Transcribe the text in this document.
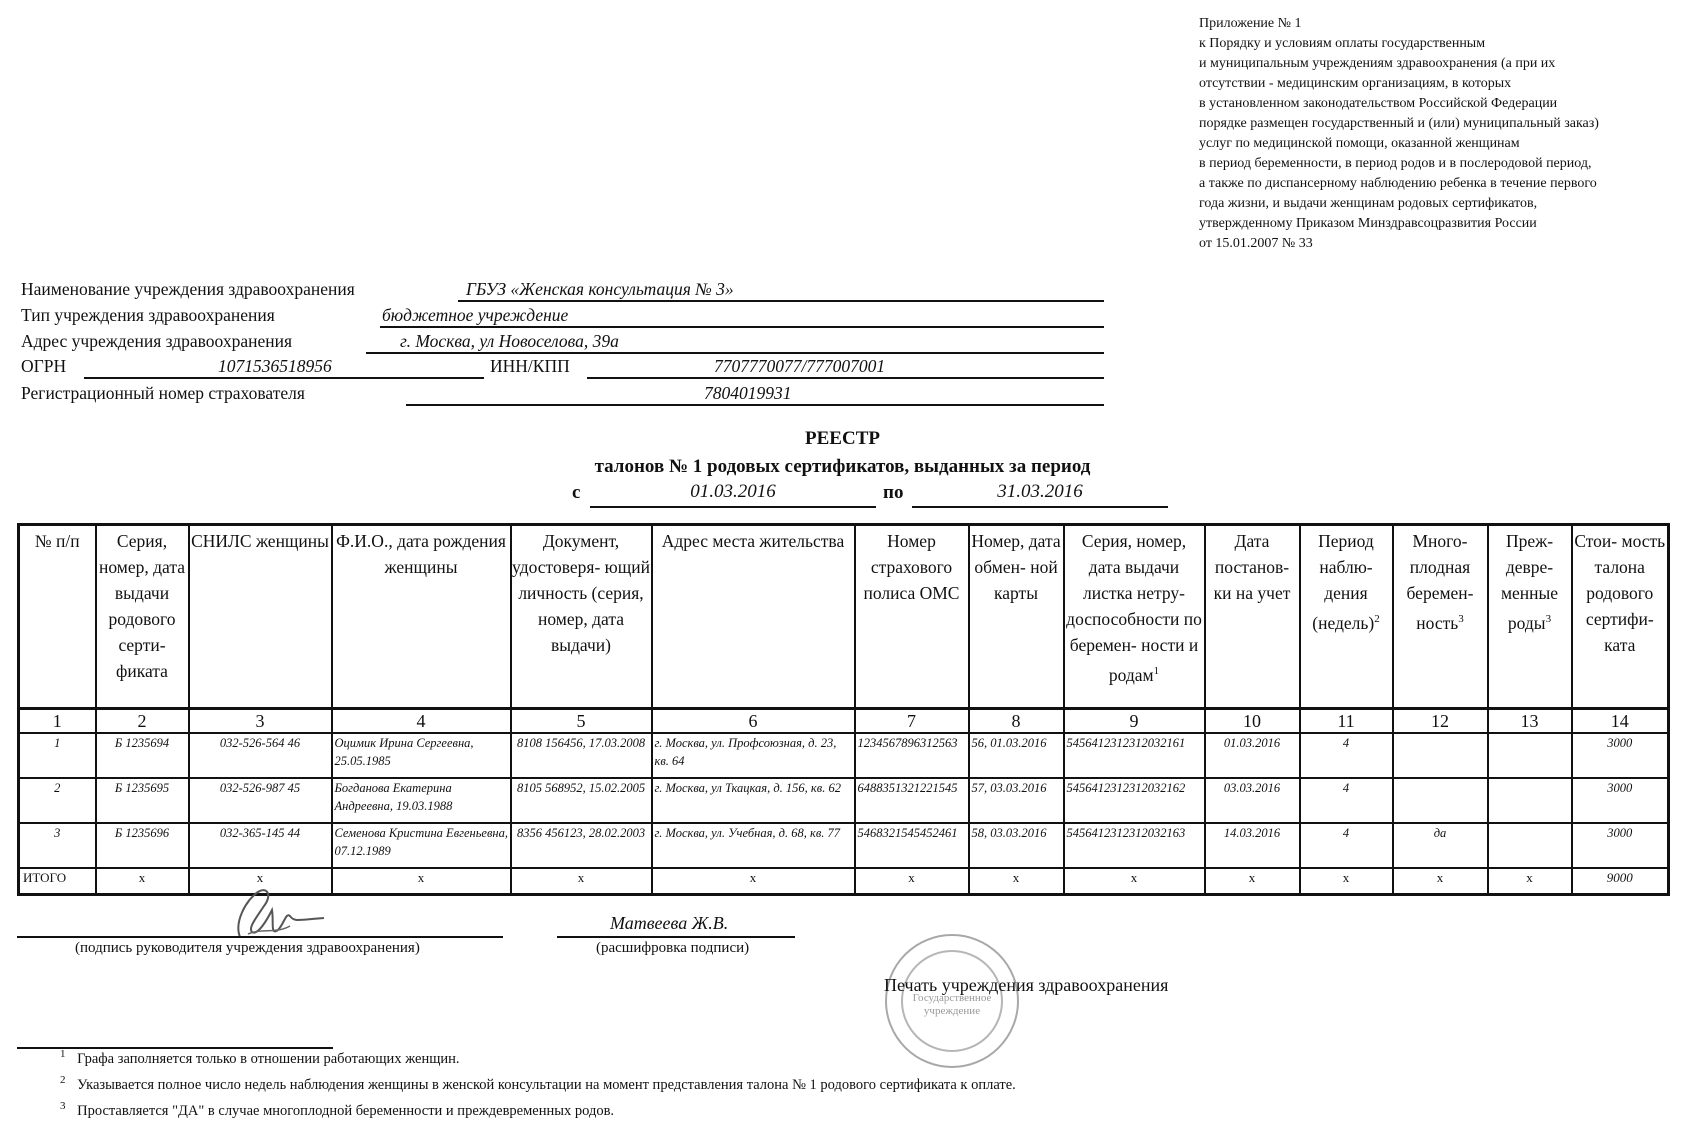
Приложение № 1
к Порядку и условиям оплаты государственным
и муниципальным учреждениям здравоохранения (а при их
отсутствии - медицинским организациям, в которых
в установленном законодательством Российской Федерации
порядке размещен государственный и (или) муниципальный заказ)
услуг по медицинской помощи, оказанной женщинам
в период беременности, в период родов и в послеродовой период,
а также по диспансерному наблюдению ребенка в течение первого
года жизни, и выдачи женщинам родовых сертификатов,
утвержденному Приказом Минздравсоцразвития России
от 15.01.2007 № 33
Наименование учреждения здравоохранения	ГБУЗ «Женская консультация № 3»
Тип учреждения здравоохранения	бюджетное учреждение
Адрес учреждения здравоохранения	г. Москва, ул Новоселова, 39а
ОГРН	1071536518956	ИНН/КПП	7707770077/777007001
Регистрационный номер страхователя	7804019931
РЕЕСТР
талонов № 1 родовых сертификатов, выданных за период
с	01.03.2016	по	31.03.2016
№ п/п	Серия, номер, дата выдачи родового серти- фиката	СНИЛС женщины	Ф.И.О., дата рождения женщины	Документ, удостоверя- ющий личность (серия, номер, дата выдачи)	Адрес места жительства	Номер страхового полиса ОМС	Номер, дата обмен- ной карты	Серия, номер, дата выдачи листка нетру- доспособности по беремен- ности и родам$^1$	Дата постанов- ки на учет	Период наблю- дения (недель)$^2$	Много- плодная беремен- ность$^3$	Преж- девре- менные роды$^3$	Стои- мость талона родового сертифи- ката
1	2	3	4	5	6	7	8	9	10	11	12	13	14
1	Б 1235694	032-526-564 46	Оцимик Ирина Сергеевна, 25.05.1985	8108 156456, 17.03.2008	г. Москва, ул. Профсоюзная, д. 23, кв. 64	1234567896312563	56, 01.03.2016	5456412312312032161	01.03.2016	4			3000
2	Б 1235695	032-526-987 45	Богданова Екатерина Андреевна, 19.03.1988	8105 568952, 15.02.2005	г. Москва, ул Ткацкая, д. 156, кв. 62	6488351321221545	57, 03.03.2016	5456412312312032162	03.03.2016	4			3000
3	Б 1235696	032-365-145 44	Семенова Кристина Евгеньевна, 07.12.1989	8356 456123, 28.02.2003	г. Москва, ул. Учебная, д. 68, кв. 77	5468321545452461	58, 03.03.2016	5456412312312032163	14.03.2016	4	да		3000
ИТОГО	х	х	х	х	х	х	х	х	х	х	х	х	9000
(подпись руководителя учреждения здравоохранения)
Матвеева Ж.В.
(расшифровка подписи)
Государственное учреждение
Печать учреждения здравоохранения
$^1$ Графа заполняется только в отношении работающих женщин.
$^2$ Указывается полное число недель наблюдения женщины в женской консультации на момент представления талона № 1 родового сертификата к оплате.
$^3$ Проставляется "ДА" в случае многоплодной беременности и преждевременных родов.
